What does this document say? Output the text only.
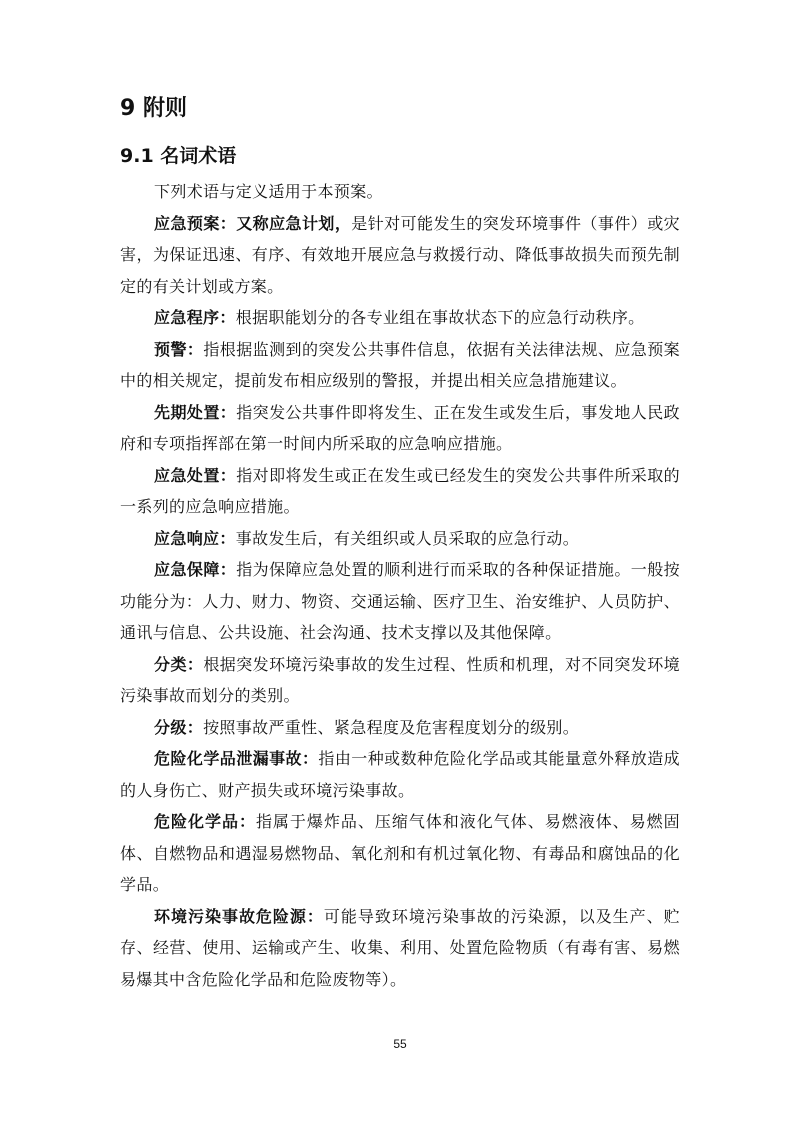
9 附则
9.1 名词术语

下列术语与定义适用于本预案。

应急预案：又称应急计划，是针对可能发生的突发环境事件（事件）或灾害，为保证迅速、有序、有效地开展应急与救援行动、降低事故损失而预先制定的有关计划或方案。

应急程序：根据职能划分的各专业组在事故状态下的应急行动秩序。

预警：指根据监测到的突发公共事件信息，依据有关法律法规、应急预案中的相关规定，提前发布相应级别的警报，并提出相关应急措施建议。

先期处置：指突发公共事件即将发生、正在发生或发生后，事发地人民政府和专项指挥部在第一时间内所采取的应急响应措施。

应急处置：指对即将发生或正在发生或已经发生的突发公共事件所采取的一系列的应急响应措施。

应急响应：事故发生后，有关组织或人员采取的应急行动。

应急保障：指为保障应急处置的顺利进行而采取的各种保证措施。一般按功能分为：人力、财力、物资、交通运输、医疗卫生、治安维护、人员防护、通讯与信息、公共设施、社会沟通、技术支撑以及其他保障。

分类：根据突发环境污染事故的发生过程、性质和机理，对不同突发环境污染事故而划分的类别。

分级：按照事故严重性、紧急程度及危害程度划分的级别。

危险化学品泄漏事故：指由一种或数种危险化学品或其能量意外释放造成的人身伤亡、财产损失或环境污染事故。

危险化学品：指属于爆炸品、压缩气体和液化气体、易燃液体、易燃固体、自燃物品和遇湿易燃物品、氧化剂和有机过氧化物、有毒品和腐蚀品的化学品。

环境污染事故危险源：可能导致环境污染事故的污染源，以及生产、贮存、经营、使用、运输或产生、收集、利用、处置危险物质（有毒有害、易燃易爆其中含危险化学品和危险废物等）。

55
